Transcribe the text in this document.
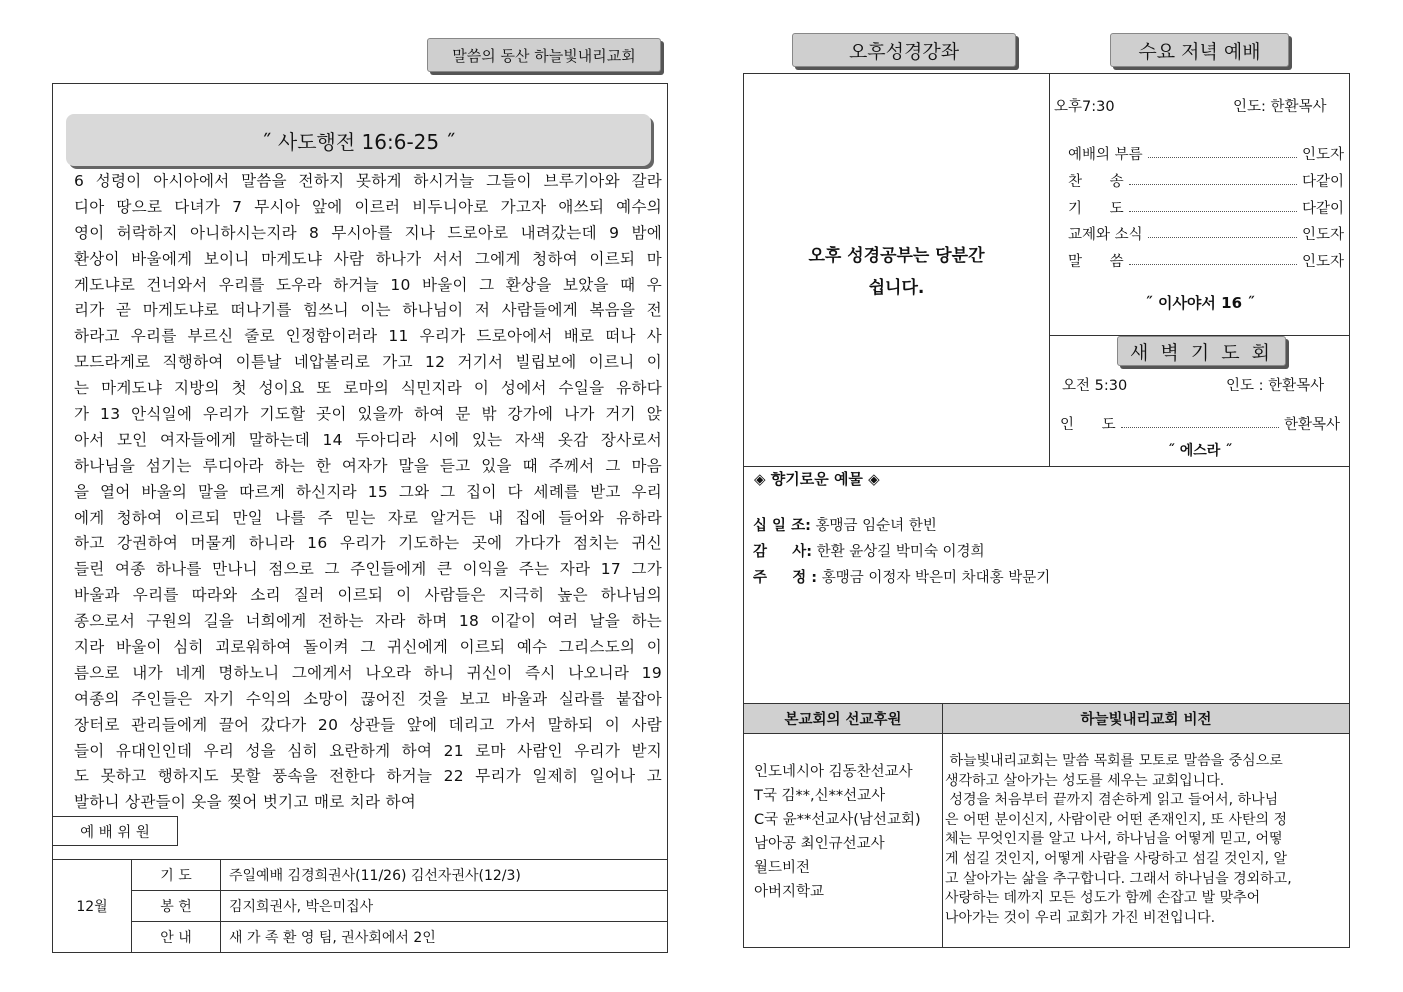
말씀의 동산 하늘빛내리교회
˝ 사도행전 16:6-25 ˝
6 성령이 아시아에서 말씀을 전하지 못하게 하시거늘 그들이 브루기아와 갈라
디아 땅으로 다녀가 7 무시아 앞에 이르러 비두니아로 가고자 애쓰되 예수의
영이 허락하지 아니하시는지라 8 무시아를 지나 드로아로 내려갔는데 9 밤에
환상이 바울에게 보이니 마게도냐 사람 하나가 서서 그에게 청하여 이르되 마
게도냐로 건너와서 우리를 도우라 하거늘 10 바울이 그 환상을 보았을 때 우
리가 곧 마게도냐로 떠나기를 힘쓰니 이는 하나님이 저 사람들에게 복음을 전
하라고 우리를 부르신 줄로 인정함이러라 11 우리가 드로아에서 배로 떠나 사
모드라게로 직행하여 이튿날 네압볼리로 가고 12 거기서 빌립보에 이르니 이
는 마게도냐 지방의 첫 성이요 또 로마의 식민지라 이 성에서 수일을 유하다
가 13 안식일에 우리가 기도할 곳이 있을까 하여 문 밖 강가에 나가 거기 앉
아서 모인 여자들에게 말하는데 14 두아디라 시에 있는 자색 옷감 장사로서
하나님을 섬기는 루디아라 하는 한 여자가 말을 듣고 있을 때 주께서 그 마음
을 열어 바울의 말을 따르게 하신지라 15 그와 그 집이 다 세례를 받고 우리
에게 청하여 이르되 만일 나를 주 믿는 자로 알거든 내 집에 들어와 유하라
하고 강권하여 머물게 하니라 16 우리가 기도하는 곳에 가다가 점치는 귀신
들린 여종 하나를 만나니 점으로 그 주인들에게 큰 이익을 주는 자라 17 그가
바울과 우리를 따라와 소리 질러 이르되 이 사람들은 지극히 높은 하나님의
종으로서 구원의 길을 너희에게 전하는 자라 하며 18 이같이 여러 날을 하는
지라 바울이 심히 괴로워하여 돌이켜 그 귀신에게 이르되 예수 그리스도의 이
름으로 내가 네게 명하노니 그에게서 나오라 하니 귀신이 즉시 나오니라 19
여종의 주인들은 자기 수익의 소망이 끊어진 것을 보고 바울과 실라를 붙잡아
장터로 관리들에게 끌어 갔다가 20 상관들 앞에 데리고 가서 말하되 이 사람
들이 유대인인데 우리 성을 심히 요란하게 하여 21 로마 사람인 우리가 받지
도 못하고 행하지도 못할 풍속을 전한다 하거늘 22 무리가 일제히 일어나 고
발하니 상관들이 옷을 찢어 벗기고 매로 치라 하여
예 배 위 원
12월	기 도	주일예배 김경희권사(11/26) 김선자권사(12/3)
	봉 헌	김지희권사, 박은미집사
	안 내	새 가 족 환 영 팀, 권사회에서 2인
오후성경강좌	수요 저녁 예배
오후 성경공부는 당분간
쉽니다.
오후7:30	인도: 한환목사
예배의 부름	인도자
찬      송	다같이
기      도	다같이
교제와 소식	인도자
말      씀	인도자
˝ 이사야서 16 ˝
새 벽 기 도 회
오전 5:30	인도 : 한환목사
인      도	한환목사
˝ 에스라 ˝
◈ 향기로운 예물 ◈
십 일 조: 홍맹금 임순녀 한빈
감     사: 한환 윤상길 박미숙 이경희
주     정 : 홍맹금 이정자 박은미 차대홍 박문기
본교회의 선교후원	하늘빛내리교회 비전
인도네시아 김동찬선교사
T국 김**,신**선교사
C국 윤**선교사(남선교회)
남아공 최인규선교사
월드비전
아버지학교

하늘빛내리교회는 말씀 목회를 모토로 말씀을 중심으로

생각하고 살아가는 성도를 세우는 교회입니다.

성경을 처음부터 끝까지 겸손하게 읽고 들어서, 하나님

은 어떤 분이신지, 사람이란 어떤 존재인지, 또 사탄의 정

체는 무엇인지를 알고 나서, 하나님을 어떻게 믿고, 어떻

게 섬길 것인지, 어떻게 사람을 사랑하고 섬길 것인지, 알

고 살아가는 삶을 추구합니다. 그래서 하나님을 경외하고,

사랑하는 데까지 모든 성도가 함께 손잡고 발 맞추어

나아가는 것이 우리 교회가 가진 비전입니다.
